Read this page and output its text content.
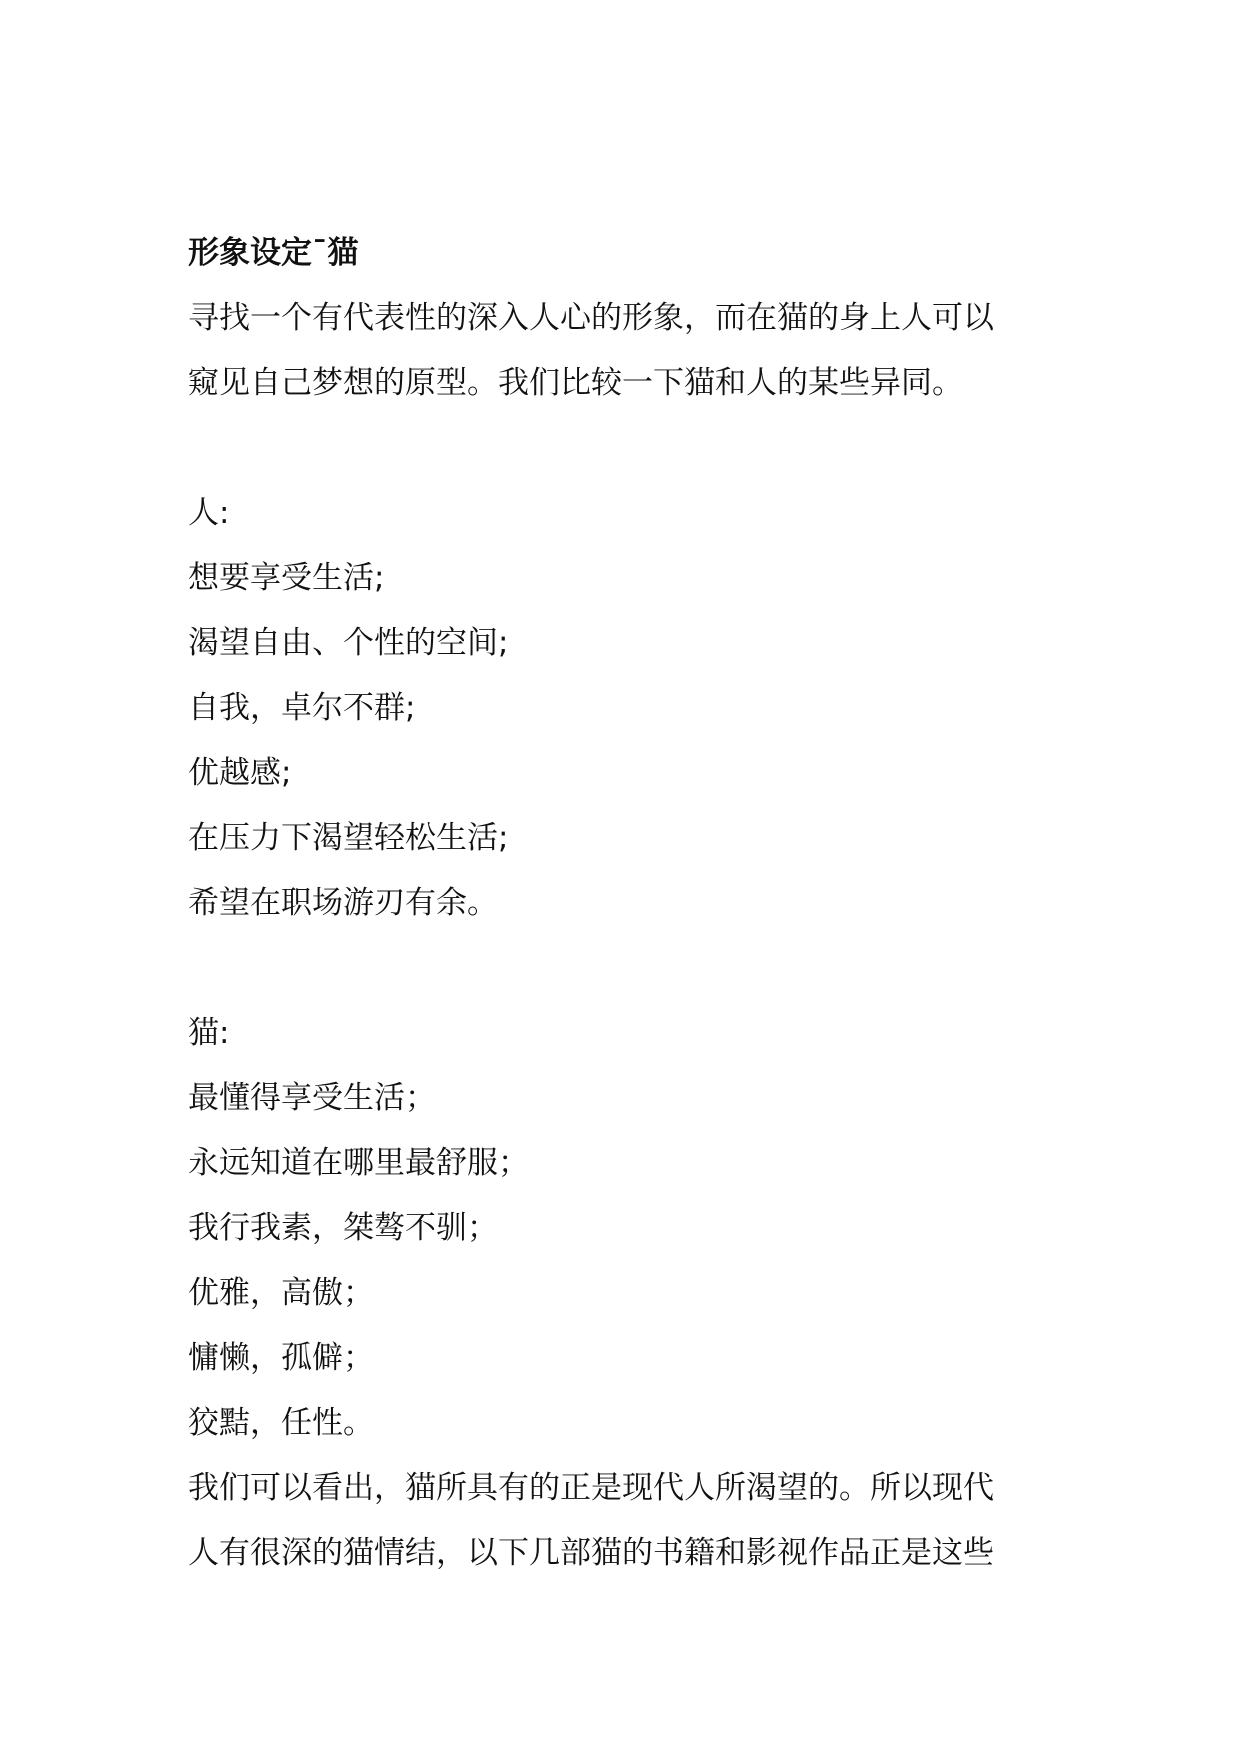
形象设定¯猫
寻找一个有代表性的深入人心的形象，而在猫的身上人可以
窥见自己梦想的原型。我们比较一下猫和人的某些异同。
人:
想要享受生活;
渴望自由、个性的空间;
自我，卓尔不群;
优越感;
在压力下渴望轻松生活;
希望在职场游刃有余。
猫:
最懂得享受生活；
永远知道在哪里最舒服；
我行我素，桀骜不驯；
优雅，高傲；
慵懒，孤僻；
狡黠，任性。
我们可以看出，猫所具有的正是现代人所渴望的。所以现代
人有很深的猫情结，以下几部猫的书籍和影视作品正是这些
